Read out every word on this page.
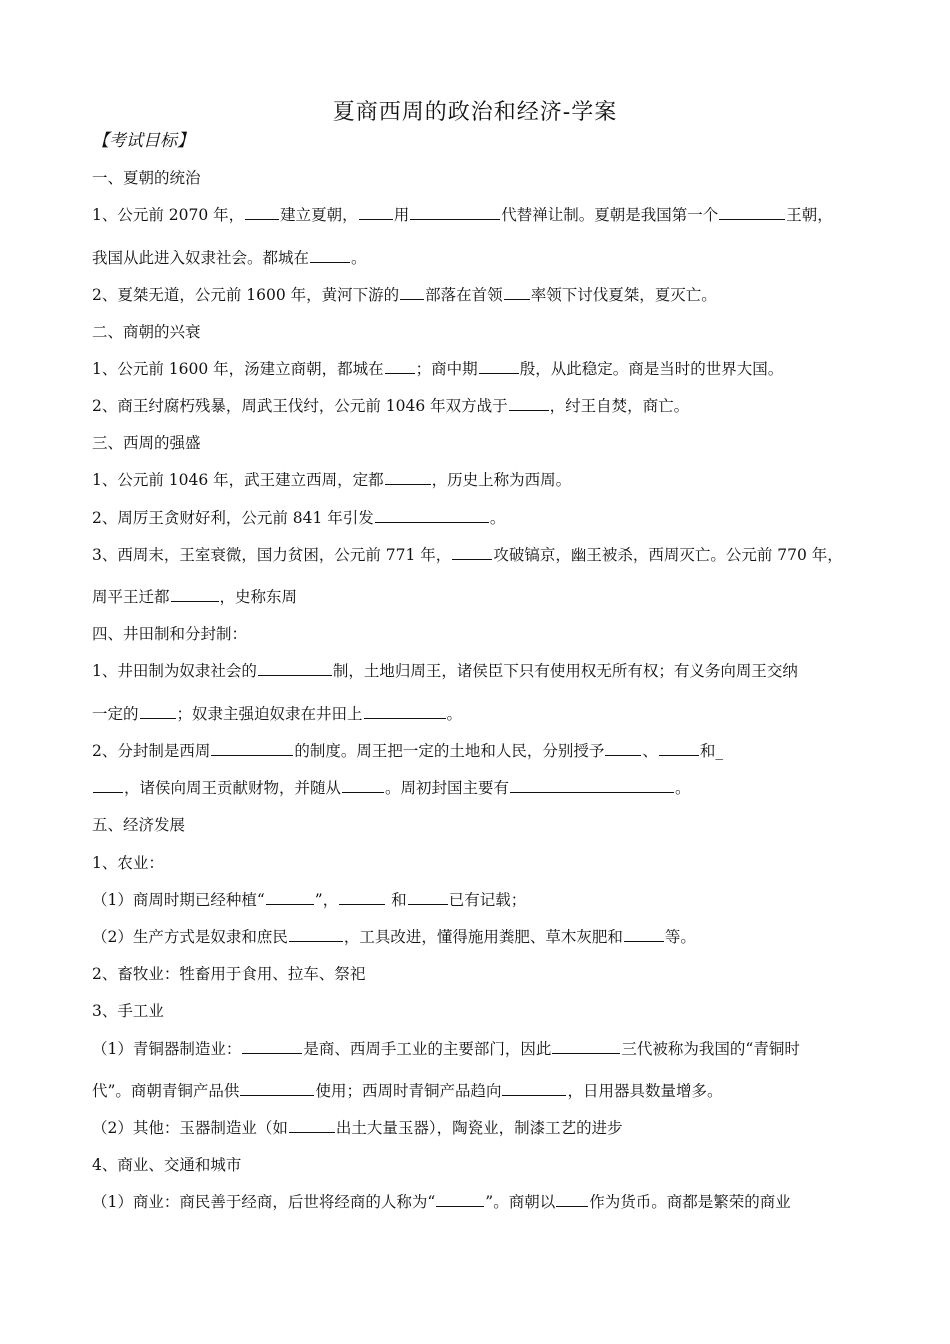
夏商西周的政治和经济-学案
【考试目标】
一、夏朝的统治
1、公元前 2070 年， 建立夏朝， 用	代替禅让制。夏朝是我国第一个	王朝，
我国从此进入奴隶社会。都城在	。
2、夏桀无道，公元前 1600 年，黄河下游的 部落在首领 率领下讨伐夏桀，夏灭亡。
二、商朝的兴衰
1、公元前 1600 年，汤建立商朝，都城在 ；商中期	殷，从此稳定。商是当时的世界大国。
2、商王纣腐朽残暴，周武王伐纣，公元前 1046 年双方战于	，纣王自焚，商亡。
三、西周的强盛
1、公元前 1046 年，武王建立西周，定都	，历史上称为西周。
2、周厉王贪财好利，公元前 841 年引发	。
3、西周末，王室衰微，国力贫困，公元前 771 年，	攻破镐京，幽王被杀，西周灭亡。公元前 770 年，
周平王迁都	，史称东周
四、井田制和分封制：
1、井田制为奴隶社会的	制，土地归周王，诸侯臣下只有使用权无所有权；有义务向周王交纳
一定的 ；奴隶主强迫奴隶在井田上	。
2、分封制是西周	的制度。周王把一定的土地和人民，分别授予 、	和_
，诸侯向周王贡献财物，并随从	。周初封国主要有	。
五、经济发展
1、农业：
（1）商周时期已经种植“	”，	和	已有记载；
（2）生产方式是奴隶和庶民	，工具改进，懂得施用粪肥、草木灰肥和	等。
2、畜牧业：牲畜用于食用、拉车、祭祀
3、手工业
（1）青铜器制造业：	是商、西周手工业的主要部门，因此	三代被称为我国的“青铜时
代”。商朝青铜产品供	使用；西周时青铜产品趋向	，日用器具数量增多。
（2）其他：玉器制造业（如	出土大量玉器），陶瓷业，制漆工艺的进步
4、商业、交通和城市
（1）商业：商民善于经商，后世将经商的人称为“	”。商朝以 作为货币。商都是繁荣的商业
